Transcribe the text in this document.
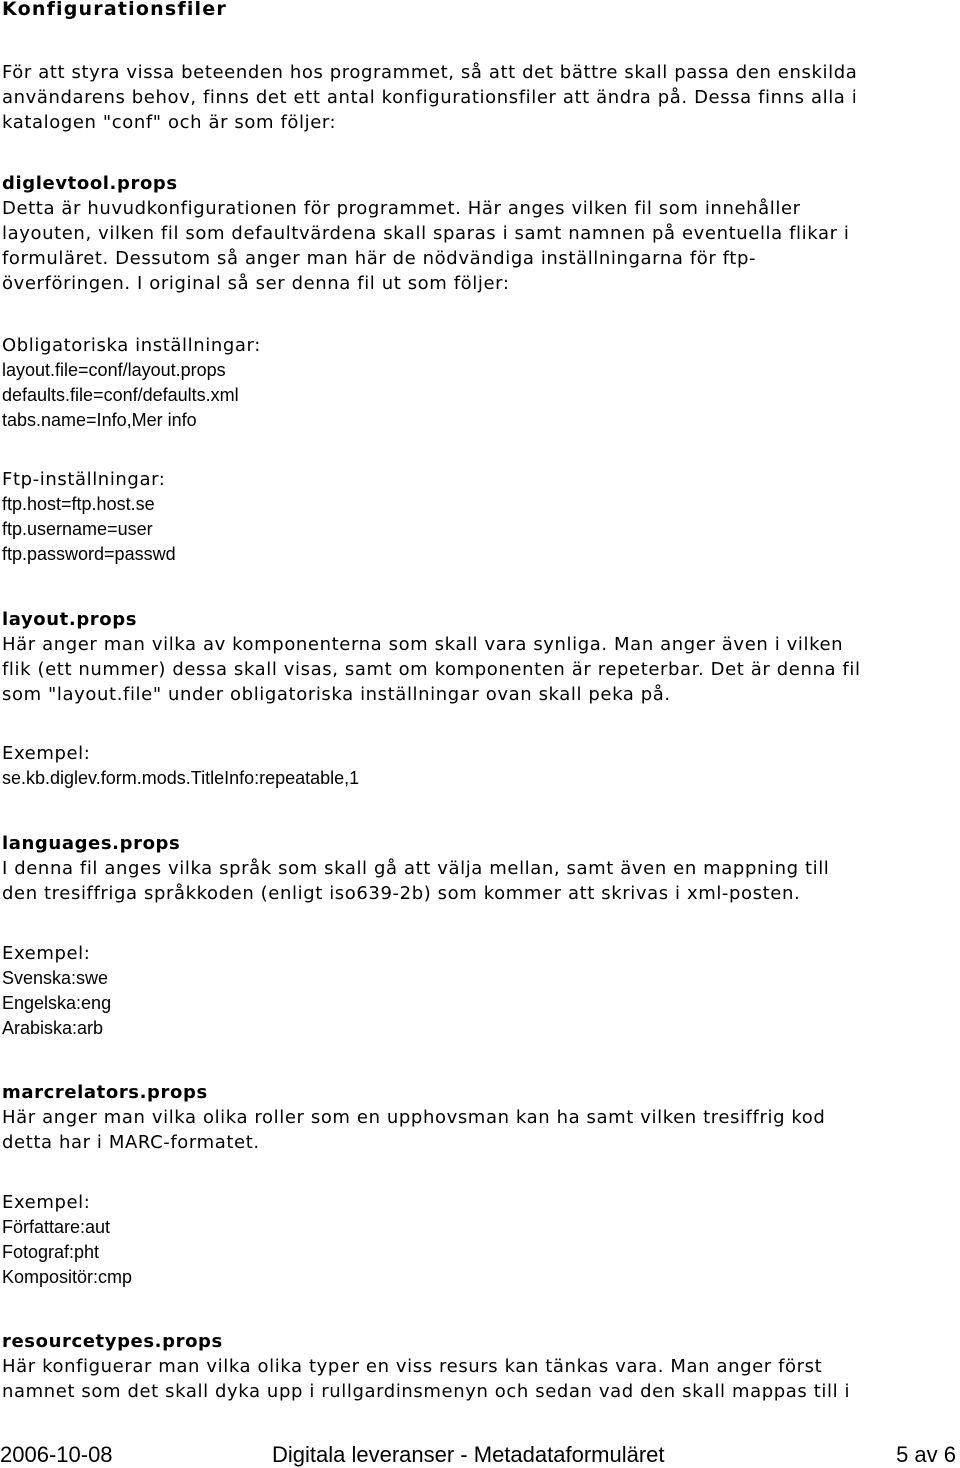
Konfigurationsfiler
För att styra vissa beteenden hos programmet, så att det bättre skall passa den enskilda
användarens behov, finns det ett antal konfigurationsfiler att ändra på. Dessa finns alla i
katalogen "conf" och är som följer:
diglevtool.props
Detta är huvudkonfigurationen för programmet. Här anges vilken fil som innehåller
layouten, vilken fil som defaultvärdena skall sparas i samt namnen på eventuella flikar i
formuläret. Dessutom så anger man här de nödvändiga inställningarna för ftp-
överföringen. I original så ser denna fil ut som följer:
Obligatoriska inställningar:
layout.file=conf/layout.props
defaults.file=conf/defaults.xml
tabs.name=Info,Mer info
Ftp-inställningar:
ftp.host=ftp.host.se
ftp.username=user
ftp.password=passwd
layout.props
Här anger man vilka av komponenterna som skall vara synliga. Man anger även i vilken
flik (ett nummer) dessa skall visas, samt om komponenten är repeterbar. Det är denna fil
som "layout.file" under obligatoriska inställningar ovan skall peka på.
Exempel:
se.kb.diglev.form.mods.TitleInfo:repeatable,1
languages.props
I denna fil anges vilka språk som skall gå att välja mellan, samt även en mappning till
den tresiffriga språkkoden (enligt iso639-2b) som kommer att skrivas i xml-posten.
Exempel:
Svenska:swe
Engelska:eng
Arabiska:arb
marcrelators.props
Här anger man vilka olika roller som en upphovsman kan ha samt vilken tresiffrig kod
detta har i MARC-formatet.
Exempel:
Författare:aut
Fotograf:pht
Kompositör:cmp
resourcetypes.props
Här konfiguerar man vilka olika typer en viss resurs kan tänkas vara. Man anger först
namnet som det skall dyka upp i rullgardinsmenyn och sedan vad den skall mappas till i
2006-10-08	Digitala leveranser - Metadataformuläret	5 av 6
